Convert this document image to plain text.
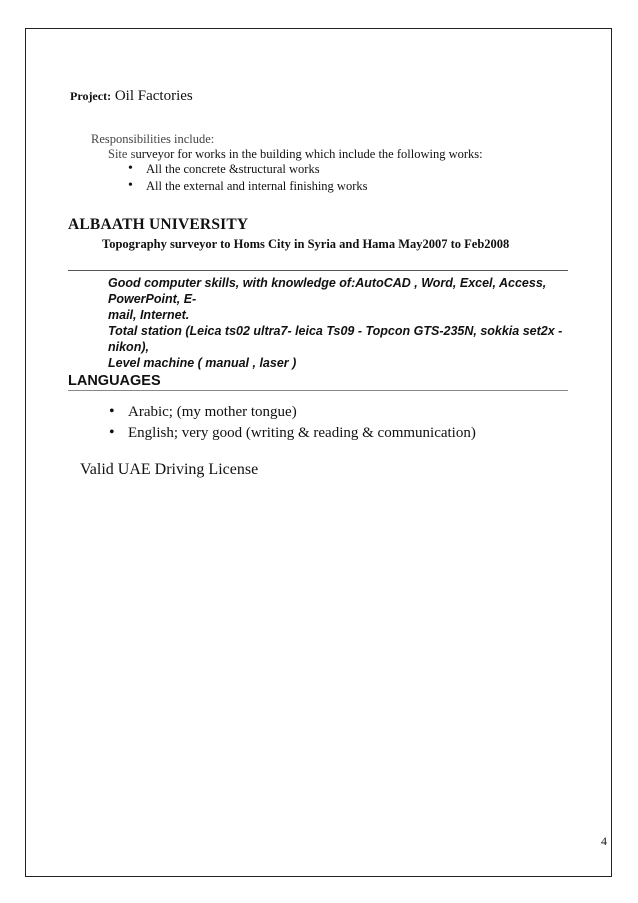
Project: Oil Factories
Responsibilities include:
Site surveyor for works in the building which include the following works:
• All the concrete &structural works
• All the external and internal finishing works
ALBAATH UNIVERSITY
Topography surveyor to Homs City in Syria and Hama May2007 to Feb2008

Good computer skills, with knowledge of:AutoCAD , Word, Excel, Access, PowerPoint, E-

mail, Internet.

Total station (Leica ts02 ultra7- leica Ts09 - Topcon GTS-235N, sokkia set2x - nikon),

Level machine ( manual , laser )

LANGUAGES
• Arabic; (my mother tongue)
• English; very good (writing & reading & communication)
Valid UAE Driving License
4
